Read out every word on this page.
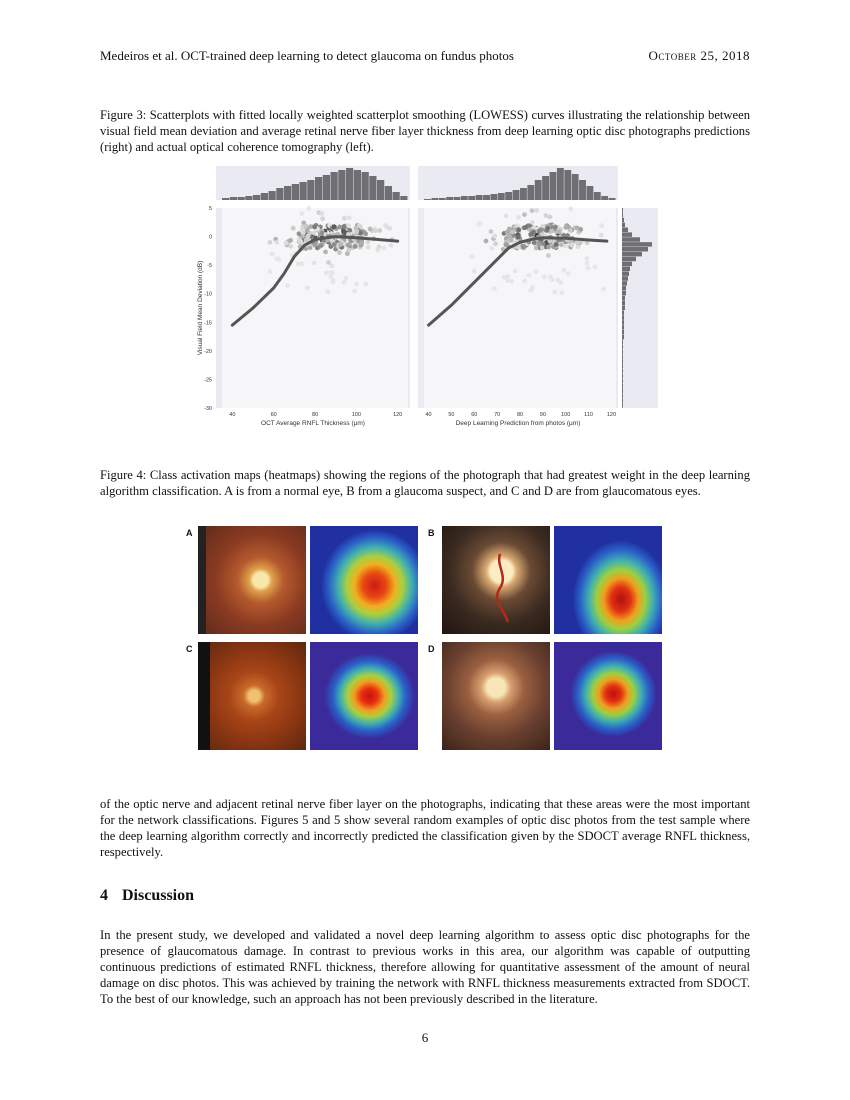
Medeiros et al. OCT-trained deep learning to detect glaucoma on fundus photos	October 25, 2018
Figure 3: Scatterplots with fitted locally weighted scatterplot smoothing (LOWESS) curves illustrating the relationship between visual field mean deviation and average retinal nerve fiber layer thickness from deep learning optic disc photographs predictions (right) and actual optical coherence tomography (left).
5
0
-5
-10
-15
-20
-25
-30
40	60	80	100	120	40	50	60	70	80	90	100	110	120
OCT Average RNFL Thickness (µm)	Deep Learning Prediction from photos (µm)
Visual Field Mean Deviation (dB)
Figure 4: Class activation maps (heatmaps) showing the regions of the photograph that had greatest weight in the deep learning algorithm classification. A is from a normal eye, B from a glaucoma suspect, and C and D are from glaucomatous eyes.
A	B
C	D
of the optic nerve and adjacent retinal nerve fiber layer on the photographs, indicating that these areas were the most important for the network classifications. Figures 5 and 5 show several random examples of optic disc photos from the test sample where the deep learning algorithm correctly and incorrectly predicted the classification given by the SDOCT average RNFL thickness, respectively.
4 Discussion
In the present study, we developed and validated a novel deep learning algorithm to assess optic disc photographs for the presence of glaucomatous damage. In contrast to previous works in this area, our algorithm was capable of outputting continuous predictions of estimated RNFL thickness, therefore allowing for quantitative assessment of the amount of neural damage on disc photos. This was achieved by training the network with RNFL thickness measurements extracted from SDOCT. To the best of our knowledge, such an approach has not been previously described in the literature.
6
